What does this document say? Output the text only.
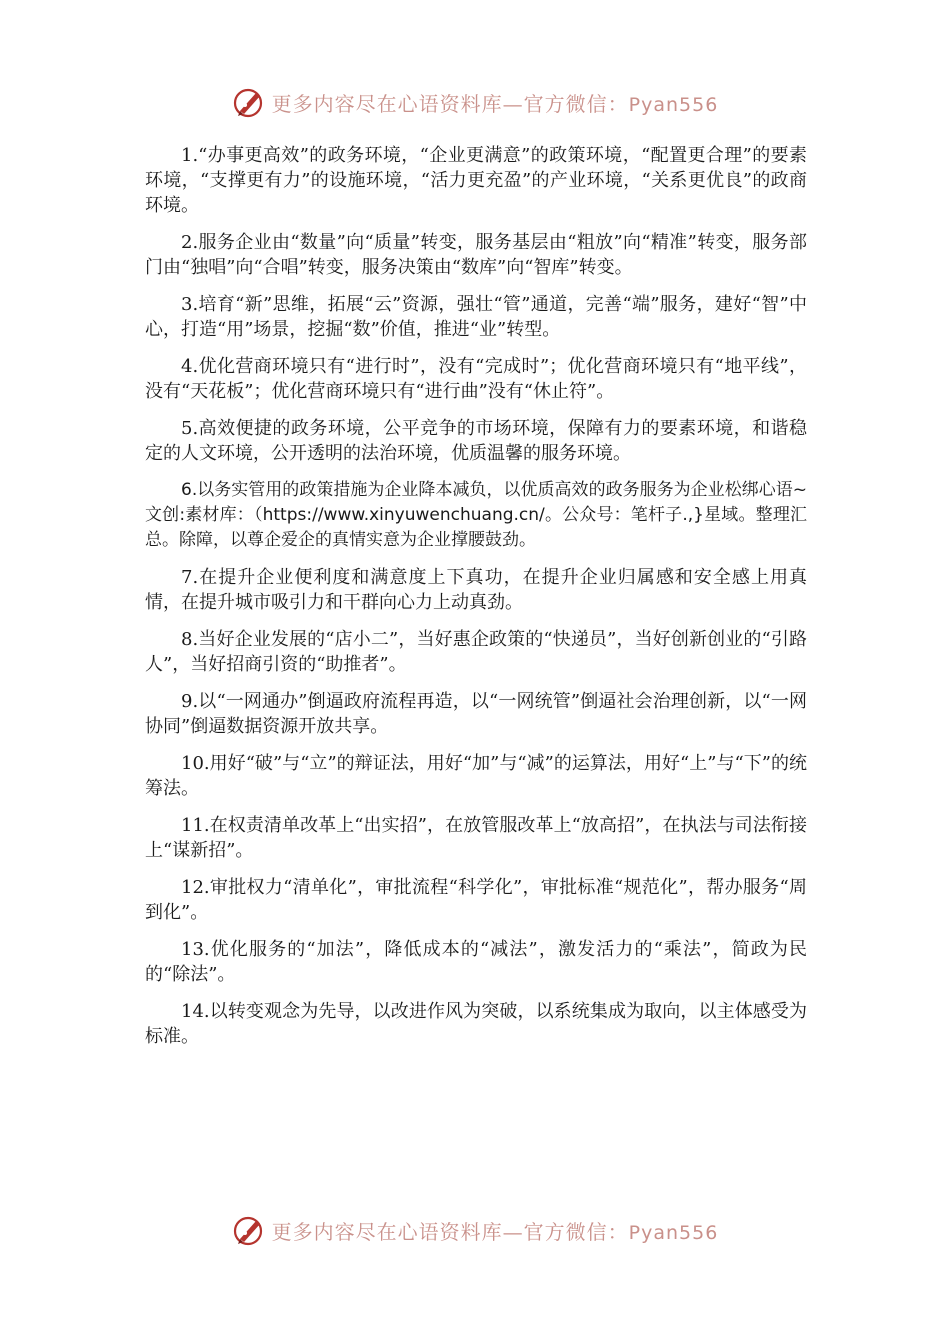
更多内容尽在心语资料库—官方微信：Pyan556

1.“办事更高效”的政务环境，“企业更满意”的政策环境，“配置更合理”的要素环境，“支撑更有力”的设施环境，“活力更充盈”的产业环境，“关系更优良”的政商环境。

2.服务企业由“数量”向“质量”转变，服务基层由“粗放”向“精准”转变，服务部门由“独唱”向“合唱”转变，服务决策由“数库”向“智库”转变。

3.培育“新”思维，拓展“云”资源，强壮“管”通道，完善“端”服务，建好“智”中心，打造“用”场景，挖掘“数”价值，推进“业”转型。

4.优化营商环境只有“进行时”，没有“完成时”；优化营商环境只有“地平线”，没有“天花板”；优化营商环境只有“进行曲”没有“休止符”。

5.高效便捷的政务环境，公平竞争的市场环境，保障有力的要素环境，和谐稳定的人文环境，公开透明的法治环境，优质温馨的服务环境。

6.以务实管用的政策措施为企业降本减负，以优质高效的政务服务为企业松绑心语~文创:素材库：（https://www.xinyuwenchuang.cn/。公众号：笔杆子.,}星域。整理汇总。除障，以尊企爱企的真情实意为企业撑腰鼓劲。

7.在提升企业便利度和满意度上下真功，在提升企业归属感和安全感上用真情，在提升城市吸引力和干群向心力上动真劲。

8.当好企业发展的“店小二”，当好惠企政策的“快递员”，当好创新创业的“引路人”，当好招商引资的“助推者”。

9.以“一网通办”倒逼政府流程再造，以“一网统管”倒逼社会治理创新，以“一网协同”倒逼数据资源开放共享。

10.用好“破”与“立”的辩证法，用好“加”与“减”的运算法，用好“上”与“下”的统筹法。

11.在权责清单改革上“出实招”，在放管服改革上“放高招”，在执法与司法衔接上“谋新招”。

12.审批权力“清单化”，审批流程“科学化”，审批标准“规范化”，帮办服务“周到化”。

13.优化服务的“加法”，降低成本的“减法”，激发活力的“乘法”，简政为民的“除法”。

14.以转变观念为先导，以改进作风为突破，以系统集成为取向，以主体感受为标准。

更多内容尽在心语资料库—官方微信：Pyan556
